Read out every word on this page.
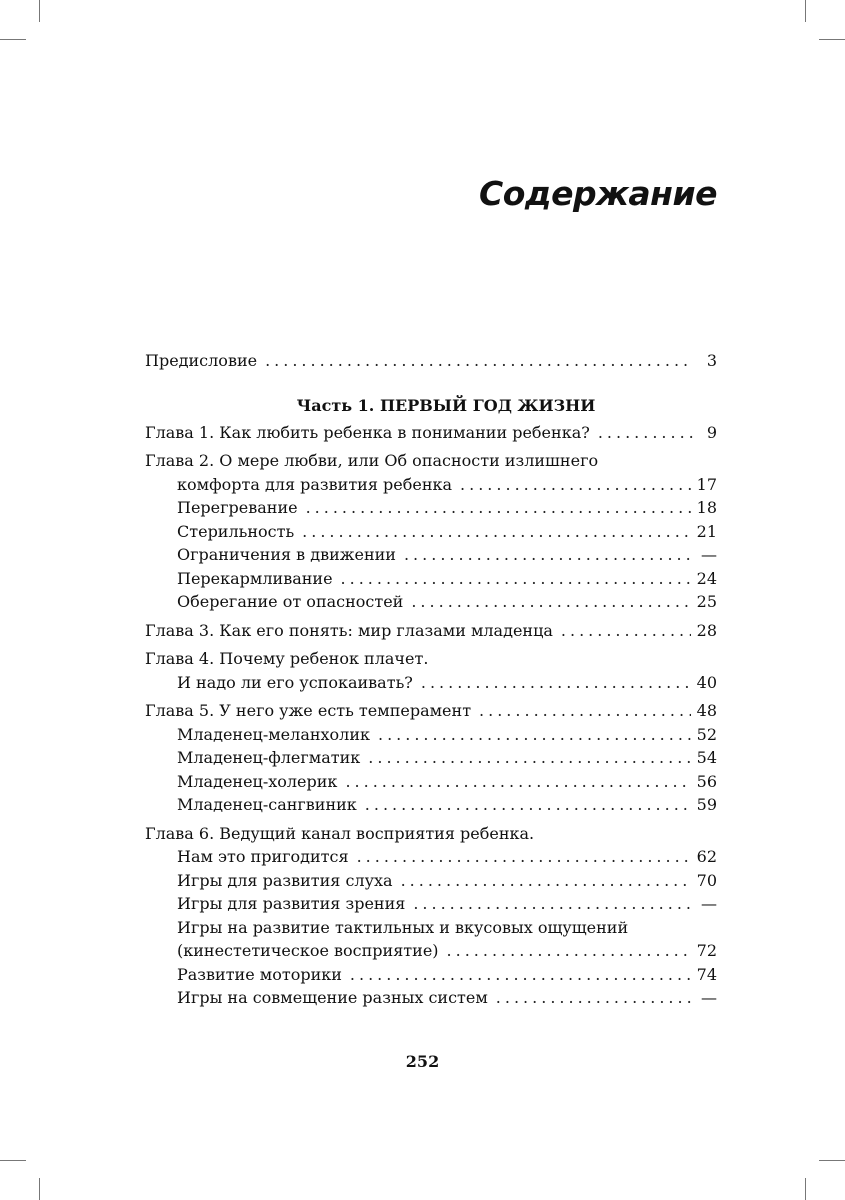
Содержание
Предисловие .....	3
Часть 1. ПЕРВЫЙ ГОД ЖИЗНИ
Глава 1. Как любить ребенка в понимании ребенка? .....	9
Глава 2. О мере любви, или Об опасности излишнего
комфорта для развития ребенка .....	17
Перегревание .....	18
Стерильность .....	21
Ограничения в движении .....	—
Перекармливание .....	24
Оберегание от опасностей .....	25
Глава 3. Как его понять: мир глазами младенца .....	28
Глава 4. Почему ребенок плачет.
И надо ли его успокаивать? .....	40
Глава 5. У него уже есть темперамент .....	48
Младенец-меланхолик .....	52
Младенец-флегматик .....	54
Младенец-холерик .....	56
Младенец-сангвиник .....	59
Глава 6. Ведущий канал восприятия ребенка.
Нам это пригодится .....	62
Игры для развития слуха .....	70
Игры для развития зрения .....	—
Игры на развитие тактильных и вкусовых ощущений
(кинестетическое восприятие) .....	72
Развитие моторики .....	74
Игры на совмещение разных систем .....	—
252
